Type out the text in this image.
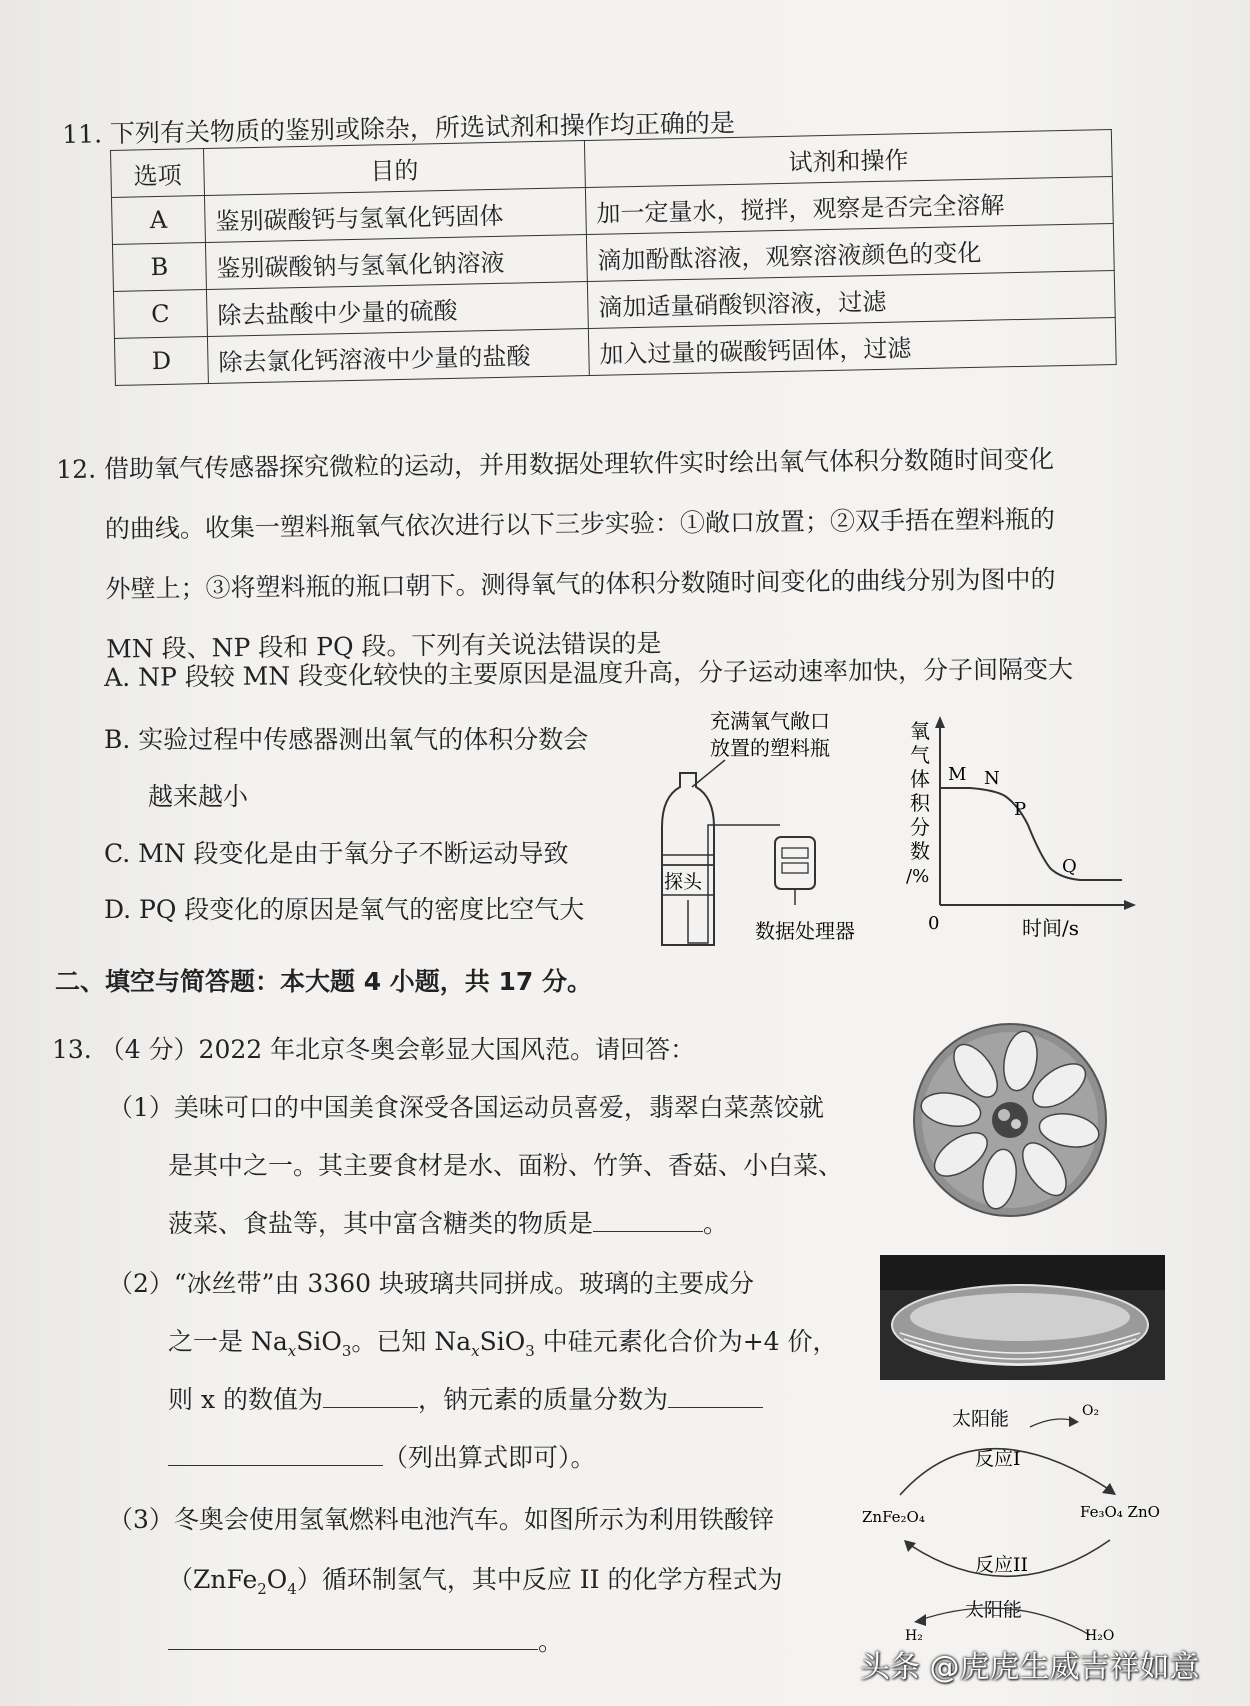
11. 下列有关物质的鉴别或除杂，所选试剂和操作均正确的是
选项	目的	试剂和操作
A	鉴别碳酸钙与氢氧化钙固体	加一定量水，搅拌，观察是否完全溶解
B	鉴别碳酸钠与氢氧化钠溶液	滴加酚酞溶液，观察溶液颜色的变化
C	除去盐酸中少量的硫酸	滴加适量硝酸钡溶液，过滤
D	除去氯化钙溶液中少量的盐酸	加入过量的碳酸钙固体，过滤
12. 借助氧气传感器探究微粒的运动，并用数据处理软件实时绘出氧气体积分数随时间变化
的曲线。收集一塑料瓶氧气依次进行以下三步实验：①敞口放置；②双手捂在塑料瓶的
外壁上；③将塑料瓶的瓶口朝下。测得氧气的体积分数随时间变化的曲线分别为图中的
MN 段、NP 段和 PQ 段。下列有关说法错误的是
A. NP 段较 MN 段变化较快的主要原因是温度升高，分子运动速率加快，分子间隔变大
B. 实验过程中传感器测出氧气的体积分数会
越来越小
C. MN 段变化是由于氧分子不断运动导致
D. PQ 段变化的原因是氧气的密度比空气大
充满氧气敞口
放置的塑料瓶
探头
数据处理器
氧
气
体
积
分
数
/%
0	时间/s
M N
P
Q
二、填空与简答题：本大题 4 小题，共 17 分。
13. （4 分）2022 年北京冬奥会彰显大国风范。请回答：
（1）美味可口的中国美食深受各国运动员喜爱，翡翠白菜蒸饺就
是其中之一。其主要食材是水、面粉、竹笋、香菇、小白菜、
菠菜、食盐等，其中富含糖类的物质是	。
（2）“冰丝带”由 3360 块玻璃共同拼成。玻璃的主要成分
之一是 $Na_xSiO_3$。已知 $Na_xSiO_3$ 中硅元素化合价为+4 价，
则 x 的数值为	，钠元素的质量分数为
（列出算式即可）。
（3）冬奥会使用氢氧燃料电池汽车。如图所示为利用铁酸锌
$(ZnFe_2O_4)$循环制氢气，其中反应 II 的化学方程式为
。
太阳能	O₂
反应I
ZnFe₂O₄	Fe₃O₄ ZnO
反应II
太阳能
H₂	H₂O
头条 @虎虎生威吉祥如意
